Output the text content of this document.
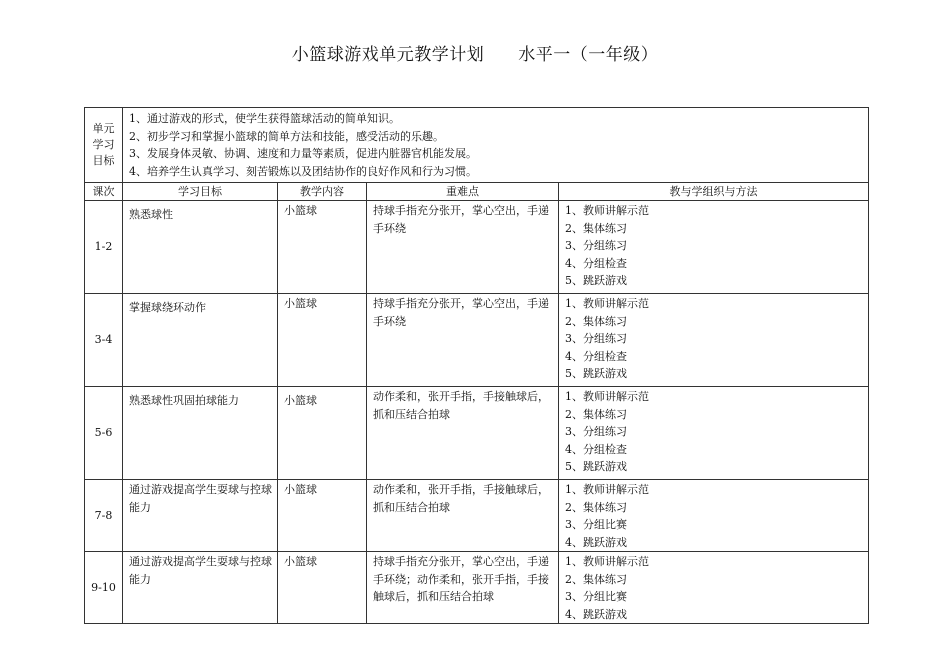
小篮球游戏单元教学计划 水平一（一年级）
单元
学习
目标	1、通过游戏的形式，使学生获得篮球活动的简单知识。
2、初步学习和掌握小篮球的简单方法和技能，感受活动的乐趣。
3、发展身体灵敏、协调、速度和力量等素质，促进内脏器官机能发展。
4、培养学生认真学习、刻苦锻炼以及团结协作的良好作风和行为习惯。			

课次	学习目标	教学内容	重难点	教与学组织与方法
1-2	熟悉球性	小篮球	持球手指充分张开，掌心空出，手递手环绕	1、教师讲解示范
2、集体练习
3、分组练习
4、分组检查
5、跳跃游戏

3-4	掌握球绕环动作	小篮球	持球手指充分张开，掌心空出，手递手环绕	1、教师讲解示范
2、集体练习
3、分组练习
4、分组检查
5、跳跃游戏

5-6	熟悉球性巩固拍球能力	小篮球	动作柔和，张开手指，手接触球后，抓和压结合拍球	1、教师讲解示范
2、集体练习
3、分组练习
4、分组检查
5、跳跃游戏

7-8	通过游戏提高学生耍球与控球能力	小篮球	动作柔和，张开手指，手接触球后，抓和压结合拍球	1、教师讲解示范
2、集体练习
3、分组比赛
4、跳跃游戏

9-10	通过游戏提高学生耍球与控球能力	小篮球	持球手指充分张开，掌心空出，手递手环绕；动作柔和，张开手指，手接触球后，抓和压结合拍球	1、教师讲解示范
2、集体练习
3、分组比赛
4、跳跃游戏
